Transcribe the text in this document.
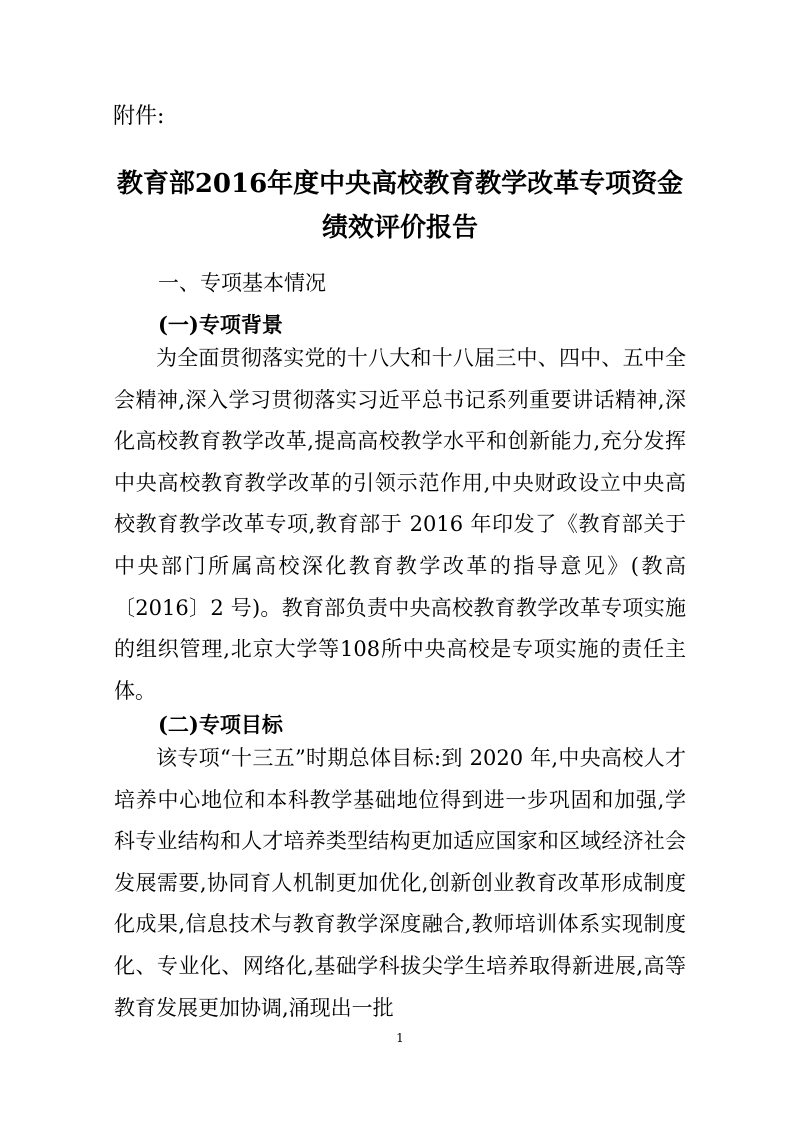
附件:
教育部2016年度中央高校教育教学改革专项资金
绩效评价报告
一、专项基本情况
(一)专项背景
为全面贯彻落实党的十八大和十八届三中、四中、五中全会精神,深入学习贯彻落实习近平总书记系列重要讲话精神,深化高校教育教学改革,提高高校教学水平和创新能力,充分发挥中央高校教育教学改革的引领示范作用,中央财政设立中央高校教育教学改革专项,教育部于 2016 年印发了《教育部关于中央部门所属高校深化教育教学改革的指导意见》(教高〔2016〕2 号)。教育部负责中央高校教育教学改革专项实施的组织管理,北京大学等108所中央高校是专项实施的责任主体。
(二)专项目标
该专项“十三五”时期总体目标:到 2020 年,中央高校人才培养中心地位和本科教学基础地位得到进一步巩固和加强,学科专业结构和人才培养类型结构更加适应国家和区域经济社会发展需要,协同育人机制更加优化,创新创业教育改革形成制度化成果,信息技术与教育教学深度融合,教师培训体系实现制度化、专业化、网络化,基础学科拔尖学生培养取得新进展,高等教育发展更加协调,涌现出一批
1
